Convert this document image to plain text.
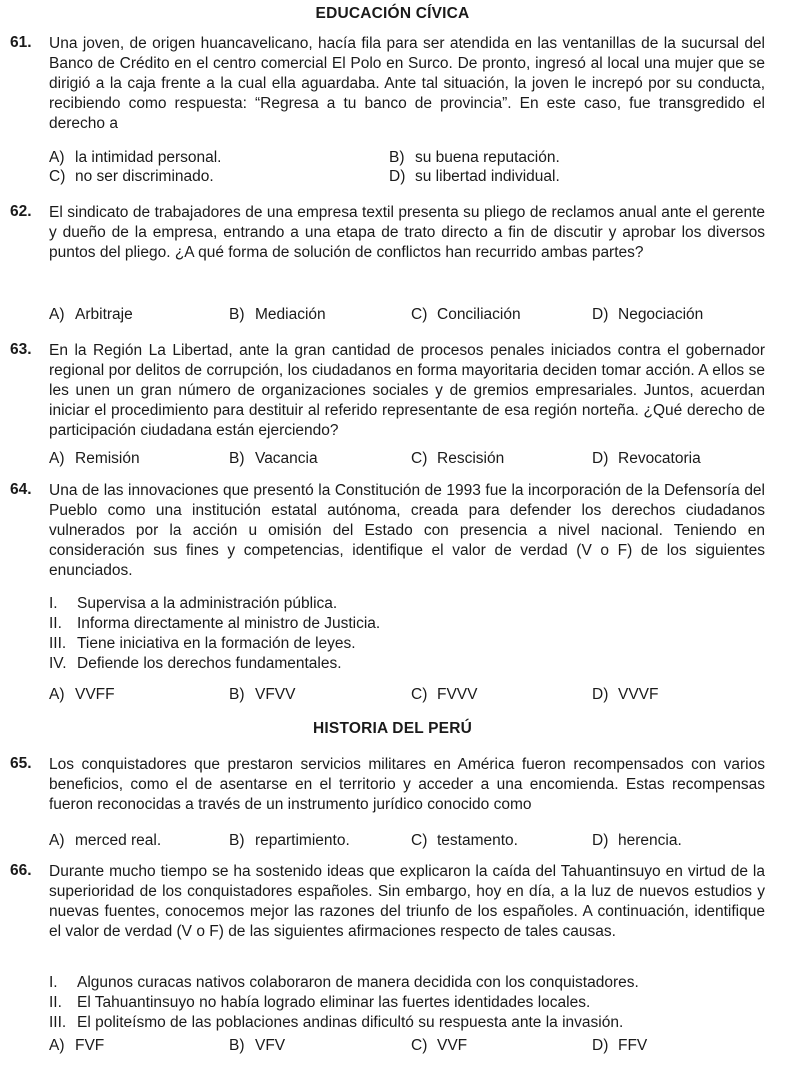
EDUCACIÓN CÍVICA
61. Una joven, de origen huancavelicano, hacía fila para ser atendida en las ventanillas de la sucursal del Banco de Crédito en el centro comercial El Polo en Surco. De pronto, ingresó al local una mujer que se dirigió a la caja frente a la cual ella aguardaba. Ante tal situación, la joven le increpó por su conducta, recibiendo como respuesta: “Regresa a tu banco de provincia”. En este caso, fue transgredido el derecho a
A) la intimidad personal.	B) su buena reputación.
C) no ser discriminado.	D) su libertad individual.
62. El sindicato de trabajadores de una empresa textil presenta su pliego de reclamos anual ante el gerente y dueño de la empresa, entrando a una etapa de trato directo a fin de discutir y aprobar los diversos puntos del pliego. ¿A qué forma de solución de conflictos han recurrido ambas partes?
A) Arbitraje	B) Mediación	C) Conciliación	D) Negociación
63. En la Región La Libertad, ante la gran cantidad de procesos penales iniciados contra el gobernador regional por delitos de corrupción, los ciudadanos en forma mayoritaria deciden tomar acción. A ellos se les unen un gran número de organizaciones sociales y de gremios empresariales. Juntos, acuerdan iniciar el procedimiento para destituir al referido representante de esa región norteña. ¿Qué derecho de participación ciudadana están ejerciendo?
A) Remisión	B) Vacancia	C) Rescisión	D) Revocatoria
64. Una de las innovaciones que presentó la Constitución de 1993 fue la incorporación de la Defensoría del Pueblo como una institución estatal autónoma, creada para defender los derechos ciudadanos vulnerados por la acción u omisión del Estado con presencia a nivel nacional. Teniendo en consideración sus fines y competencias, identifique el valor de verdad (V o F) de los siguientes enunciados.
I. Supervisa a la administración pública.
II. Informa directamente al ministro de Justicia.
III. Tiene iniciativa en la formación de leyes.
IV. Defiende los derechos fundamentales.
A) VVFF	B) VFVV	C) FVVV	D) VVVF
HISTORIA DEL PERÚ
65. Los conquistadores que prestaron servicios militares en América fueron recompensados con varios beneficios, como el de asentarse en el territorio y acceder a una encomienda. Estas recompensas fueron reconocidas a través de un instrumento jurídico conocido como
A) merced real.	B) repartimiento.	C) testamento.	D) herencia.
66. Durante mucho tiempo se ha sostenido ideas que explicaron la caída del Tahuantinsuyo en virtud de la superioridad de los conquistadores españoles. Sin embargo, hoy en día, a la luz de nuevos estudios y nuevas fuentes, conocemos mejor las razones del triunfo de los españoles. A continuación, identifique el valor de verdad (V o F) de las siguientes afirmaciones respecto de tales causas.
I. Algunos curacas nativos colaboraron de manera decidida con los conquistadores.
II. El Tahuantinsuyo no había logrado eliminar las fuertes identidades locales.
III. El politeísmo de las poblaciones andinas dificultó su respuesta ante la invasión.
A) FVF	B) VFV	C) VVF	D) FFV
